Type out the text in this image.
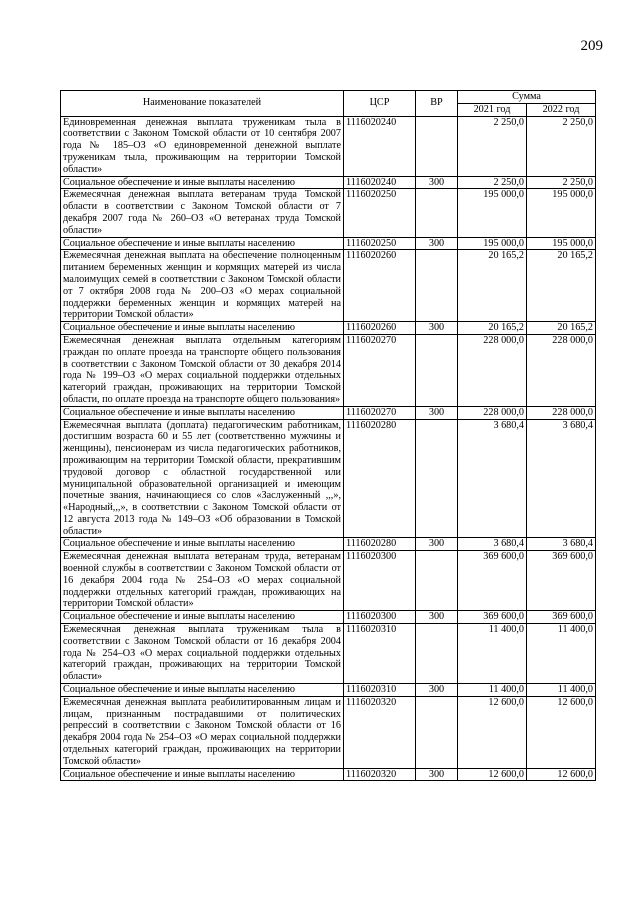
209
Наименование показателей	ЦСР	ВР	Сумма	
			2021 год	2022 год
Единовременная денежная выплата труженикам тыла в соответствии с Законом Томской области от 10 сентября 2007 года № 185–ОЗ «О единовременной денежной выплате труженикам тыла, проживающим на территории Томской области»	1116020240		2 250,0	2 250,0
Социальное обеспечение и иные выплаты населению	1116020240	300	2 250,0	2 250,0
Ежемесячная денежная выплата ветеранам труда Томской области в соответствии с Законом Томской области от 7 декабря 2007 года № 260–ОЗ «О ветеранах труда Томской области»	1116020250		195 000,0	195 000,0
Социальное обеспечение и иные выплаты населению	1116020250	300	195 000,0	195 000,0
Ежемесячная денежная выплата на обеспечение полноценным питанием беременных женщин и кормящих матерей из числа малоимущих семей в соответствии с Законом Томской области от 7 октября 2008 года № 200–ОЗ «О мерах социальной поддержки беременных женщин и кормящих матерей на территории Томской области»	1116020260		20 165,2	20 165,2
Социальное обеспечение и иные выплаты населению	1116020260	300	20 165,2	20 165,2
Ежемесячная денежная выплата отдельным категориям граждан по оплате проезда на транспорте общего пользования в соответствии с Законом Томской области от 30 декабря 2014 года № 199–ОЗ «О мерах социальной поддержки отдельных категорий граждан, проживающих на территории Томской области, по оплате проезда на транспорте общего пользования»	1116020270		228 000,0	228 000,0
Социальное обеспечение и иные выплаты населению	1116020270	300	228 000,0	228 000,0
Ежемесячная выплата (доплата) педагогическим работникам, достигшим возраста 60 и 55 лет (соответственно мужчины и женщины), пенсионерам из числа педагогических работников, проживающим на территории Томской области, прекратившим трудовой договор с областной государственной или муниципальной образовательной организацией и имеющим почетные звания, начинающиеся со слов «Заслуженный ,,,», «Народный,,,», в соответствии с Законом Томской области от 12 августа 2013 года № 149–ОЗ «Об образовании в Томской области»	1116020280		3 680,4	3 680,4
Социальное обеспечение и иные выплаты населению	1116020280	300	3 680,4	3 680,4
Ежемесячная денежная выплата ветеранам труда, ветеранам военной службы в соответствии с Законом Томской области от 16 декабря 2004 года № 254–ОЗ «О мерах социальной поддержки отдельных категорий граждан, проживающих на территории Томской области»	1116020300		369 600,0	369 600,0
Социальное обеспечение и иные выплаты населению	1116020300	300	369 600,0	369 600,0
Ежемесячная денежная выплата труженикам тыла в соответствии с Законом Томской области от 16 декабря 2004 года № 254–ОЗ «О мерах социальной поддержки отдельных категорий граждан, проживающих на территории Томской области»	1116020310		11 400,0	11 400,0
Социальное обеспечение и иные выплаты населению	1116020310	300	11 400,0	11 400,0
Ежемесячная денежная выплата реабилитированным лицам и лицам, признанным пострадавшими от политических репрессий в соответствии с Законом Томской области от 16 декабря 2004 года № 254–ОЗ «О мерах социальной поддержки отдельных категорий граждан, проживающих на территории Томской области»	1116020320		12 600,0	12 600,0
Социальное обеспечение и иные выплаты населению	1116020320	300	12 600,0	12 600,0
